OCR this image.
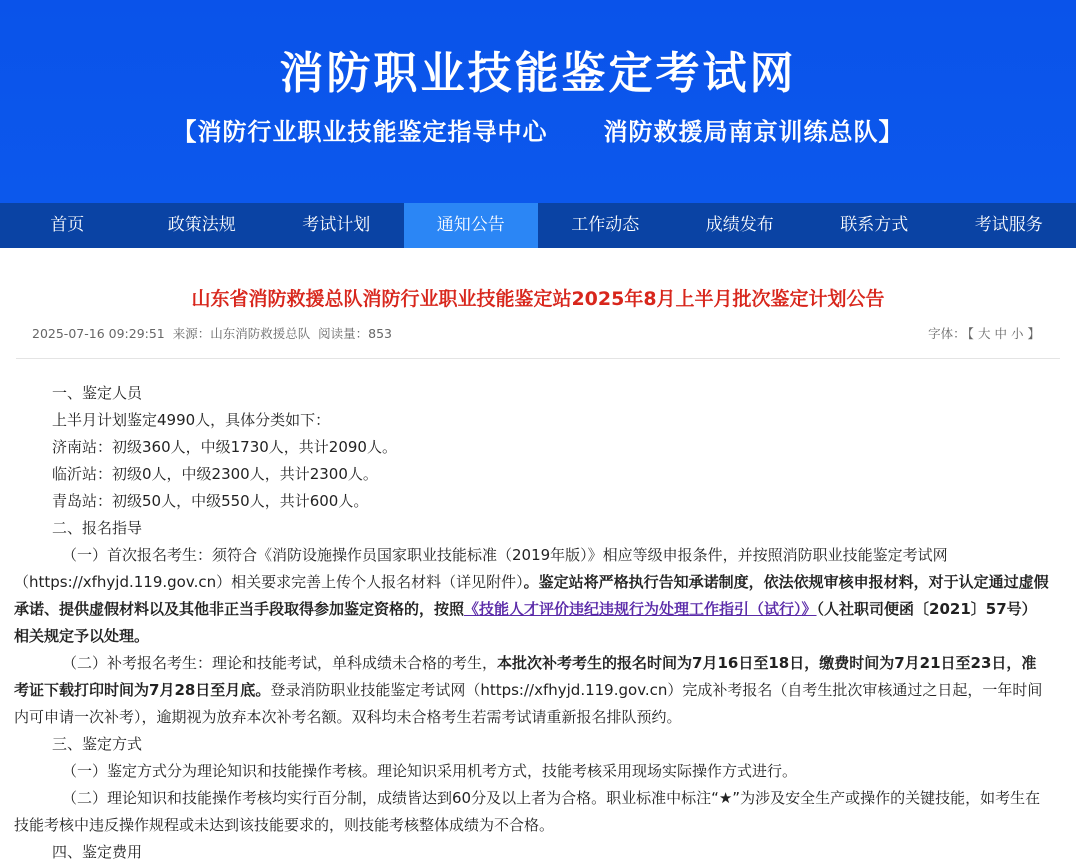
消防职业技能鉴定考试网
【消防行业职业技能鉴定指导中心 消防救援局南京训练总队】
首页	政策法规	考试计划	通知公告	工作动态	成绩发布	联系方式	考试服务
山东省消防救援总队消防行业职业技能鉴定站2025年8月上半月批次鉴定计划公告
2025-07-16 09:29:51  来源：山东消防救援总队  阅读量：853	字体： 【 大 中 小 】

一、鉴定人员

上半月计划鉴定4990人，具体分类如下：

济南站：初级360人，中级1730人，共计2090人。

临沂站：初级0人，中级2300人，共计2300人。

青岛站：初级50人，中级550人，共计600人。

二、报名指导

（一）首次报名考生：须符合《消防设施操作员国家职业技能标准（2019年版）》相应等级申报条件，并按照消防职业技能鉴定考试网（https://xfhyjd.119.gov.cn）相关要求完善上传个人报名材料（详见附件）。鉴定站将严格执行告知承诺制度，依法依规审核申报材料，对于认定通过虚假承诺、提供虚假材料以及其他非正当手段取得参加鉴定资格的，按照《技能人才评价违纪违规行为处理工作指引（试行）》（人社职司便函〔2021〕57号）相关规定予以处理。

（二）补考报名考生：理论和技能考试，单科成绩未合格的考生，本批次补考考生的报名时间为7月16日至18日，缴费时间为7月21日至23日，准考证下载打印时间为7月28日至月底。登录消防职业技能鉴定考试网（https://xfhyjd.119.gov.cn）完成补考报名（自考生批次审核通过之日起，一年时间内可申请一次补考），逾期视为放弃本次补考名额。双科均未合格考生若需考试请重新报名排队预约。

三、鉴定方式

（一）鉴定方式分为理论知识和技能操作考核。理论知识采用机考方式，技能考核采用现场实际操作方式进行。

（二）理论知识和技能操作考核均实行百分制，成绩皆达到60分及以上者为合格。职业标准中标注“★”为涉及安全生产或操作的关键技能，如考生在技能考核中违反操作规程或未达到该技能要求的，则技能考核整体成绩为不合格。

四、鉴定费用
